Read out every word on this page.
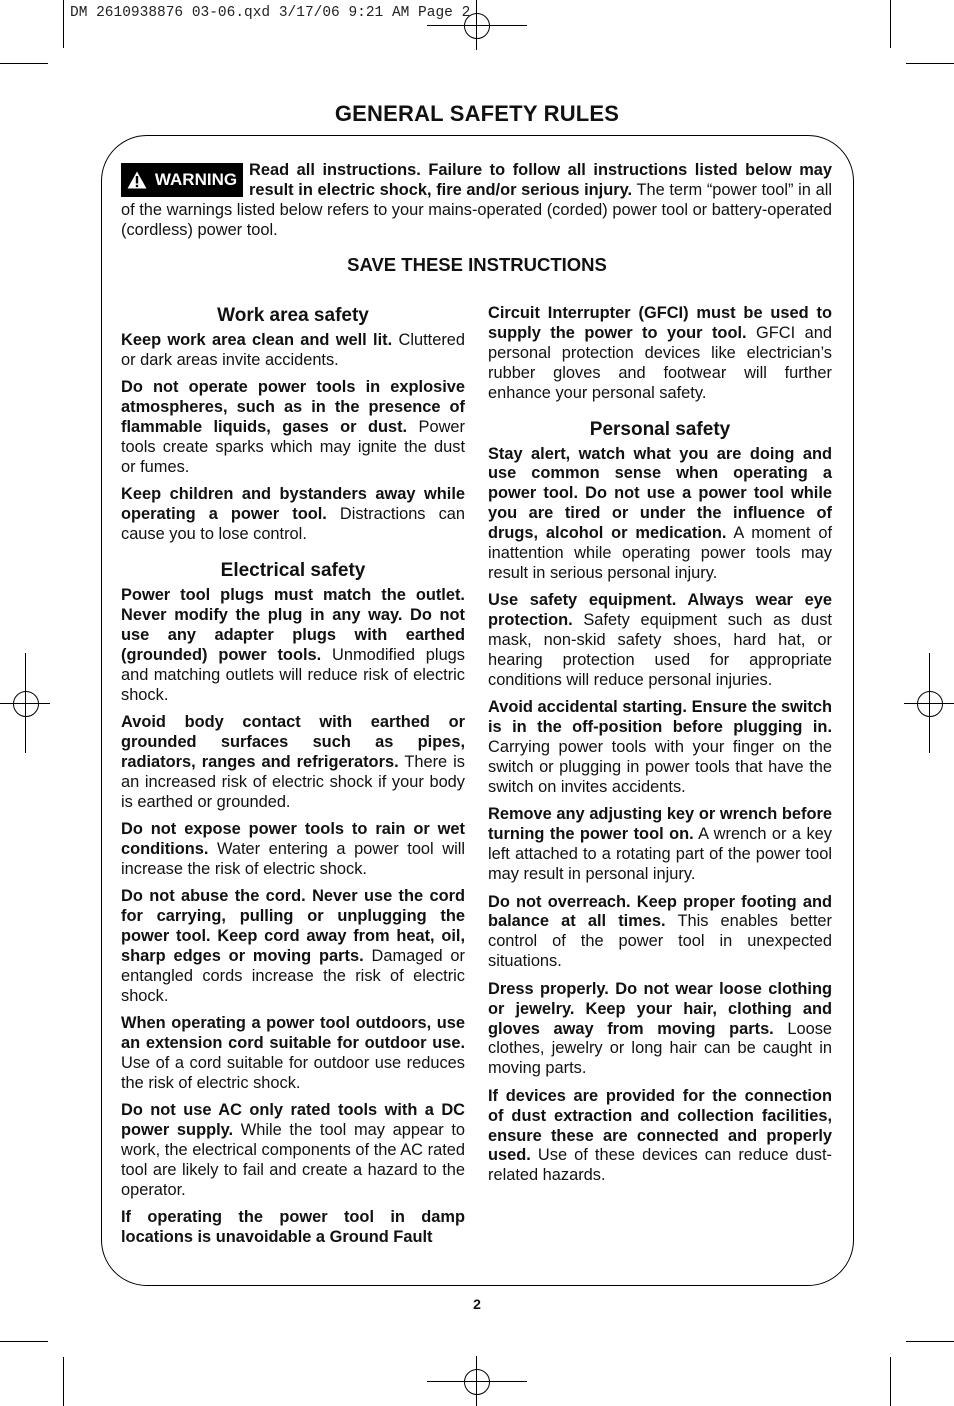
DM 2610938876 03-06.qxd 3/17/06 9:21 AM Page 2
GENERAL SAFETY RULES
WARNING Read all instructions. Failure to follow all instructions listed below may result in electric shock, fire and/or serious injury. The term “power tool” in all of the warnings listed below refers to your mains-operated (corded) power tool or battery-operated (cordless) power tool.
SAVE THESE INSTRUCTIONS
Work area safety

Keep work area clean and well lit. Cluttered or dark areas invite accidents.

Do not operate power tools in explosive atmospheres, such as in the presence of flammable liquids, gases or dust. Power tools create sparks which may ignite the dust or fumes.

Keep children and bystanders away while operating a power tool. Distractions can cause you to lose control.

Electrical safety

Power tool plugs must match the outlet. Never modify the plug in any way. Do not use any adapter plugs with earthed (grounded) power tools. Unmodified plugs and matching outlets will reduce risk of electric shock.

Avoid body contact with earthed or grounded surfaces such as pipes, radiators, ranges and refrigerators. There is an increased risk of electric shock if your body is earthed or grounded.

Do not expose power tools to rain or wet conditions. Water entering a power tool will increase the risk of electric shock.

Do not abuse the cord. Never use the cord for carrying, pulling or unplugging the power tool. Keep cord away from heat, oil, sharp edges or moving parts. Damaged or entangled cords increase the risk of electric shock.

When operating a power tool outdoors, use an extension cord suitable for outdoor use. Use of a cord suitable for outdoor use reduces the risk of electric shock.

Do not use AC only rated tools with a DC power supply. While the tool may appear to work, the electrical components of the AC rated tool are likely to fail and create a hazard to the operator.

If operating the power tool in damp locations is unavoidable a Ground Fault

Circuit Interrupter (GFCI) must be used to supply the power to your tool. GFCI and personal protection devices like electrician’s rubber gloves and footwear will further enhance your personal safety.

Personal safety

Stay alert, watch what you are doing and use common sense when operating a power tool. Do not use a power tool while you are tired or under the influence of drugs, alcohol or medication. A moment of inattention while operating power tools may result in serious personal injury.

Use safety equipment. Always wear eye protection. Safety equipment such as dust mask, non-skid safety shoes, hard hat, or hearing protection used for appropriate conditions will reduce personal injuries.

Avoid accidental starting. Ensure the switch is in the off-position before plugging in. Carrying power tools with your finger on the switch or plugging in power tools that have the switch on invites accidents.

Remove any adjusting key or wrench before turning the power tool on. A wrench or a key left attached to a rotating part of the power tool may result in personal injury.

Do not overreach. Keep proper footing and balance at all times. This enables better control of the power tool in unexpected situations.

Dress properly. Do not wear loose clothing or jewelry. Keep your hair, clothing and gloves away from moving parts. Loose clothes, jewelry or long hair can be caught in moving parts.

If devices are provided for the connection of dust extraction and collection facilities, ensure these are connected and properly used. Use of these devices can reduce dust-related hazards.

2
